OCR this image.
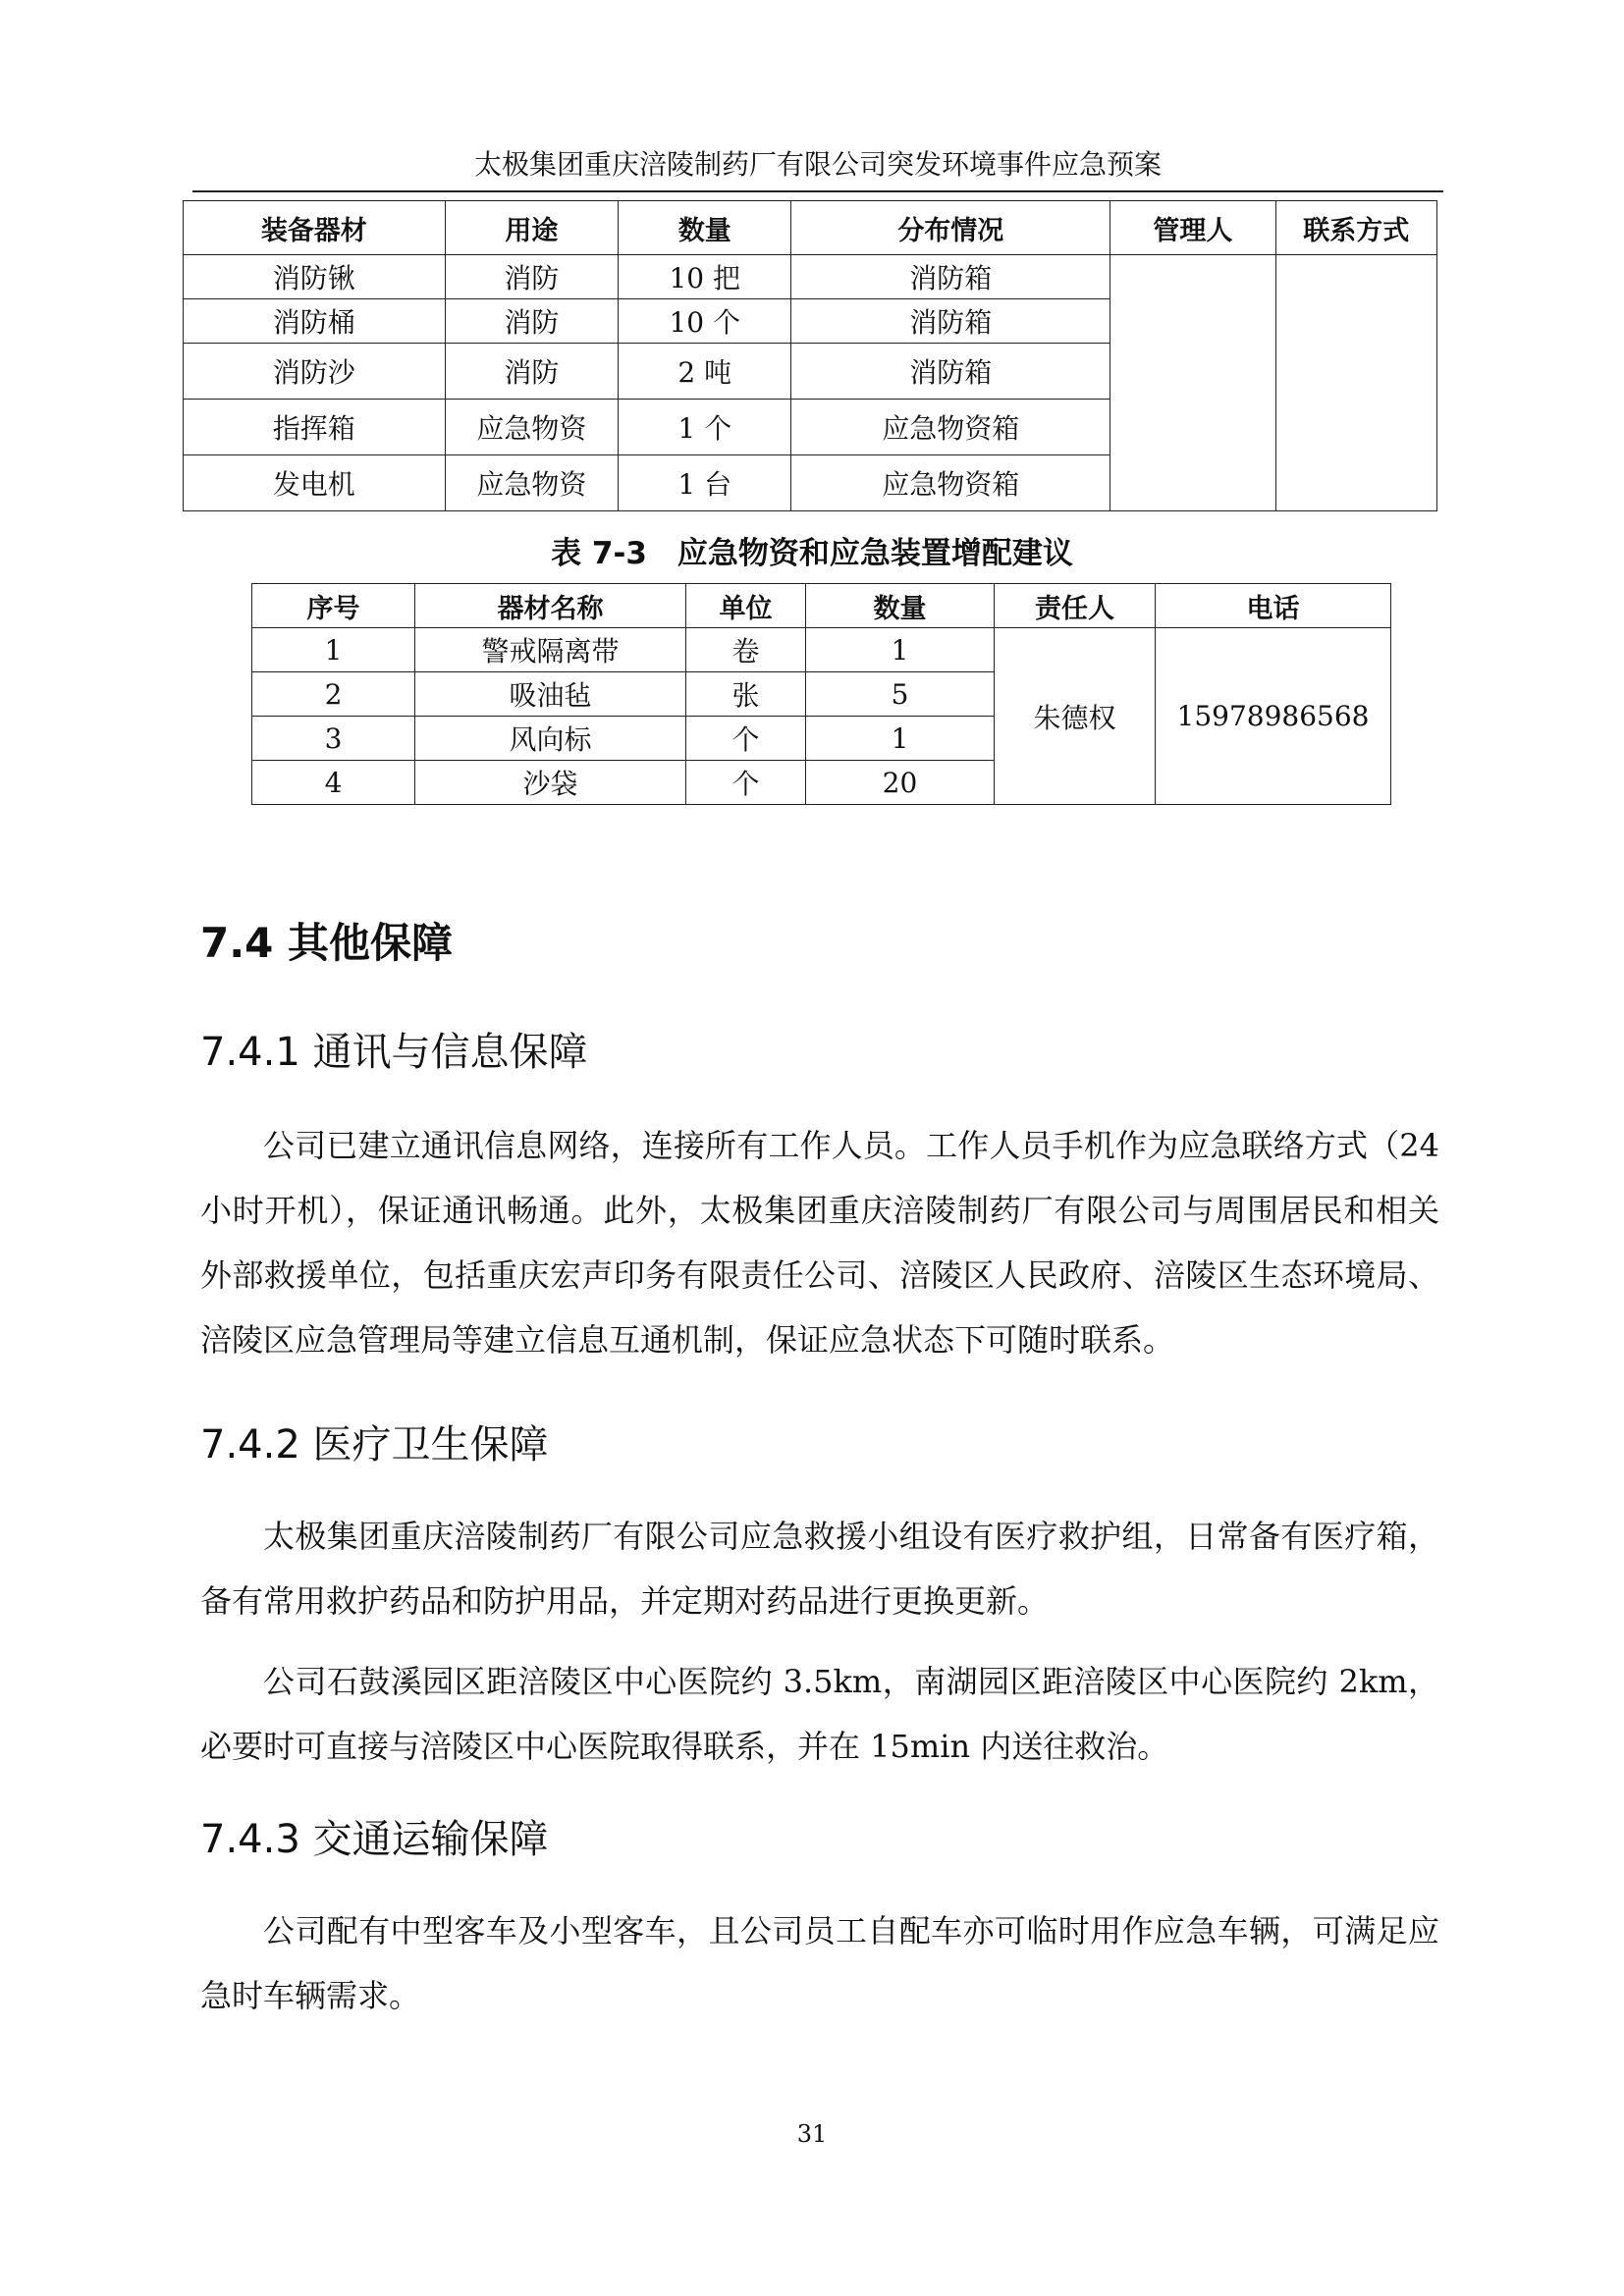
太极集团重庆涪陵制药厂有限公司突发环境事件应急预案
装备器材	用途	数量	分布情况	管理人	联系方式
消防锹	消防	10 把	消防箱		
消防桶	消防	10 个	消防箱		
消防沙	消防	2 吨	消防箱		
指挥箱	应急物资	1 个	应急物资箱		
发电机	应急物资	1 台	应急物资箱		
表 7-3　应急物资和应急装置增配建议
序号	器材名称	单位	数量	责任人	电话
1	警戒隔离带	卷	1	朱德权	15978986568
2	吸油毡	张	5		
3	风向标	个	1		
4	沙袋	个	20		
7.4 其他保障
7.4.1 通讯与信息保障

公司已建立通讯信息网络，连接所有工作人员。工作人员手机作为应急联络方式（24 小时开机），保证通讯畅通。此外，太极集团重庆涪陵制药厂有限公司与周围居民和相关外部救援单位，包括重庆宏声印务有限责任公司、涪陵区人民政府、涪陵区生态环境局、涪陵区应急管理局等建立信息互通机制，保证应急状态下可随时联系。

7.4.2 医疗卫生保障

太极集团重庆涪陵制药厂有限公司应急救援小组设有医疗救护组，日常备有医疗箱，备有常用救护药品和防护用品，并定期对药品进行更换更新。

公司石鼓溪园区距涪陵区中心医院约 3.5km，南湖园区距涪陵区中心医院约 2km，必要时可直接与涪陵区中心医院取得联系，并在 15min 内送往救治。

7.4.3 交通运输保障

公司配有中型客车及小型客车，且公司员工自配车亦可临时用作应急车辆，可满足应急时车辆需求。

31
